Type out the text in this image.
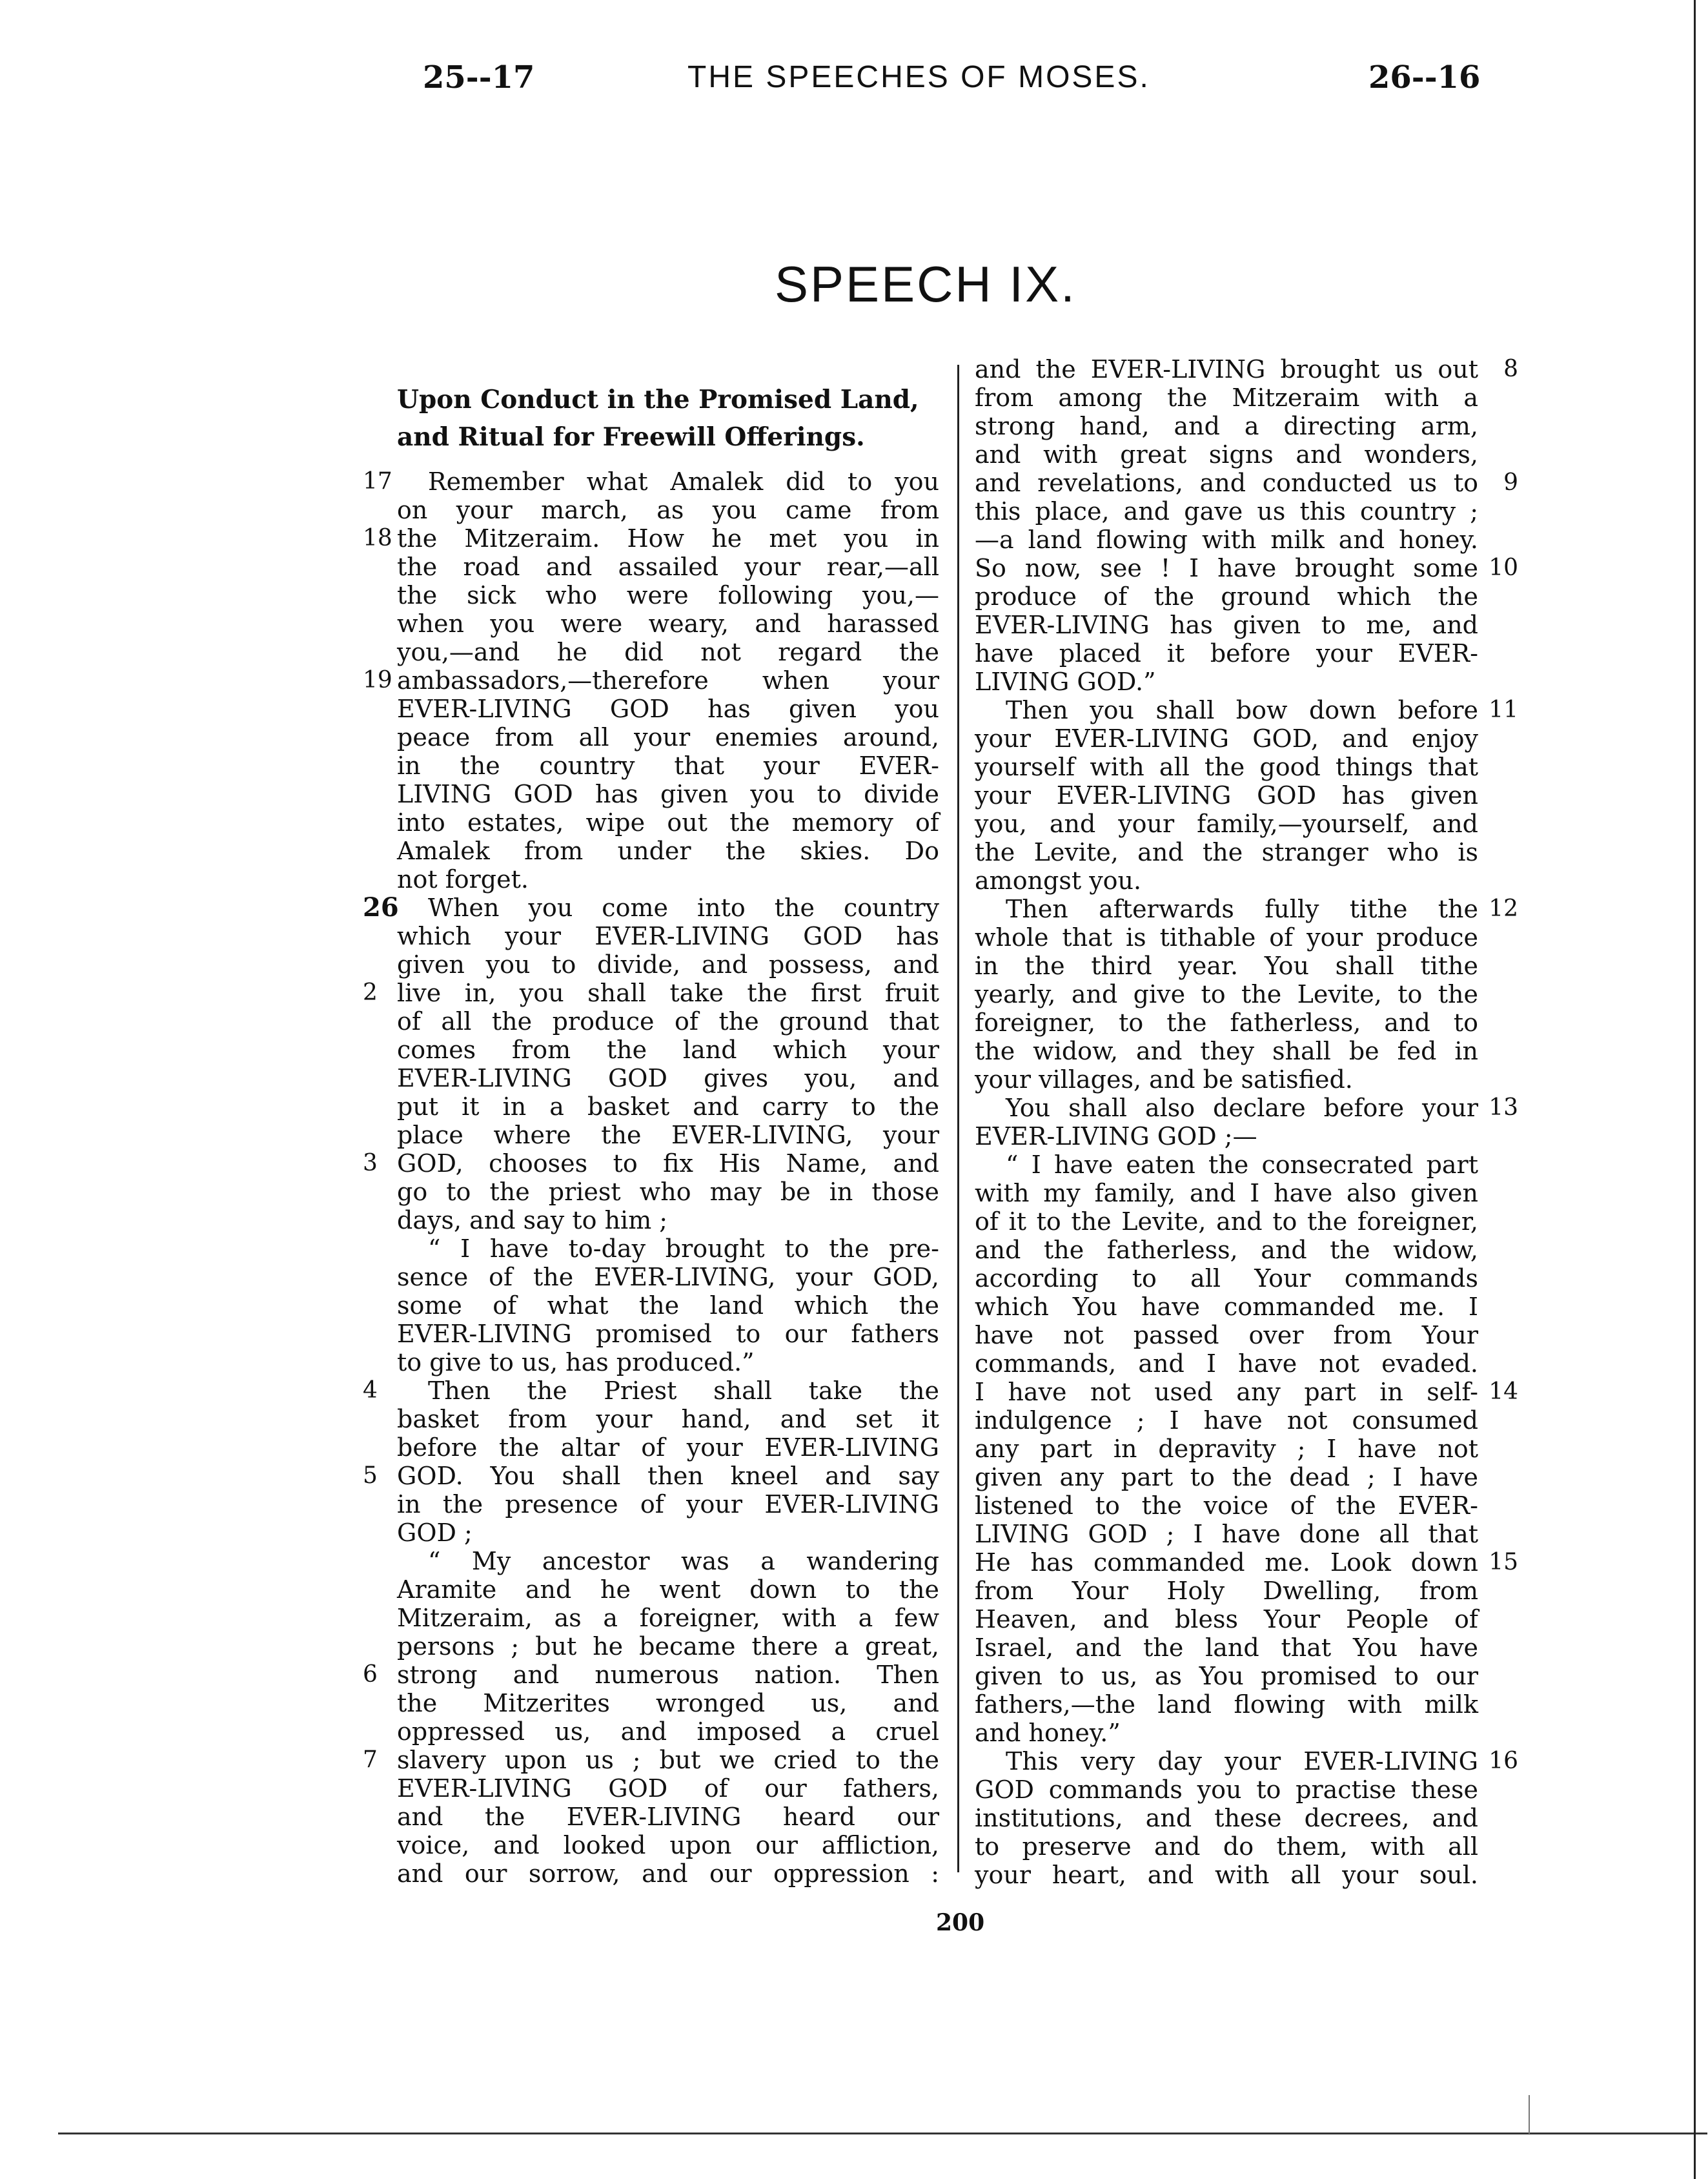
25--17	THE SPEECHES OF MOSES.	26--16
SPEECH IX.
Upon Conduct in the Promised Land,
and Ritual for Freewill Offerings.
Remember what Amalek did to you
17
on your march, as you came from
the Mitzeraim. How he met you in
18
the road and assailed your rear,—all
the sick who were following you,—
when you were weary, and harassed
you,—and he did not regard the
ambassadors,—therefore when your
19
EVER-LIVING GOD has given you
peace from all your enemies around,
in the country that your EVER-
LIVING GOD has given you to divide
into estates, wipe out the memory of
Amalek from under the skies. Do
not forget.
When you come into the country
26
which your EVER-LIVING GOD has
given you to divide, and possess, and
live in, you shall take the first fruit
2
of all the produce of the ground that
comes from the land which your
EVER-LIVING GOD gives you, and
put it in a basket and carry to the
place where the EVER-LIVING, your
GOD, chooses to fix His Name, and
3
go to the priest who may be in those
days, and say to him ;
“ I have to-day brought to the pre-
sence of the EVER-LIVING, your GOD,
some of what the land which the
EVER-LIVING promised to our fathers
to give to us, has produced.”
Then the Priest shall take the
4
basket from your hand, and set it
before the altar of your EVER-LIVING
GOD. You shall then kneel and say
5
in the presence of your EVER-LIVING
GOD ;
“ My ancestor was a wandering
Aramite and he went down to the
Mitzeraim, as a foreigner, with a few
persons ; but he became there a great,
strong and numerous nation. Then
6
the Mitzerites wronged us, and
oppressed us, and imposed a cruel
slavery upon us ; but we cried to the
7
EVER-LIVING GOD of our fathers,
and the EVER-LIVING heard our
voice, and looked upon our affliction,
and our sorrow, and our oppression :
and the EVER-LIVING brought us out 8
from among the Mitzeraim with a
strong hand, and a directing arm,
and with great signs and wonders,
and revelations, and conducted us to 9
this place, and gave us this country ;
—a land flowing with milk and honey.
So now, see ! I have brought some 10
produce of the ground which the
EVER-LIVING has given to me, and
have placed it before your EVER-
LIVING GOD.”
Then you shall bow down before 11
your EVER-LIVING GOD, and enjoy
yourself with all the good things that
your EVER-LIVING GOD has given
you, and your family,—yourself, and
the Levite, and the stranger who is
amongst you.
Then afterwards fully tithe the 12
whole that is tithable of your produce
in the third year. You shall tithe
yearly, and give to the Levite, to the
foreigner, to the fatherless, and to
the widow, and they shall be fed in
your villages, and be satisfied.
You shall also declare before your 13
EVER-LIVING GOD ;—
“ I have eaten the consecrated part
with my family, and I have also given
of it to the Levite, and to the foreigner,
and the fatherless, and the widow,
according to all Your commands
which You have commanded me. I
have not passed over from Your
commands, and I have not evaded.
I have not used any part in self- 14
indulgence ; I have not consumed
any part in depravity ; I have not
given any part to the dead ; I have
listened to the voice of the EVER-
LIVING GOD ; I have done all that
He has commanded me. Look down 15
from Your Holy Dwelling, from
Heaven, and bless Your People of
Israel, and the land that You have
given to us, as You promised to our
fathers,—the land flowing with milk
and honey.”
This very day your EVER-LIVING 16
GOD commands you to practise these
institutions, and these decrees, and
to preserve and do them, with all
your heart, and with all your soul.
200
